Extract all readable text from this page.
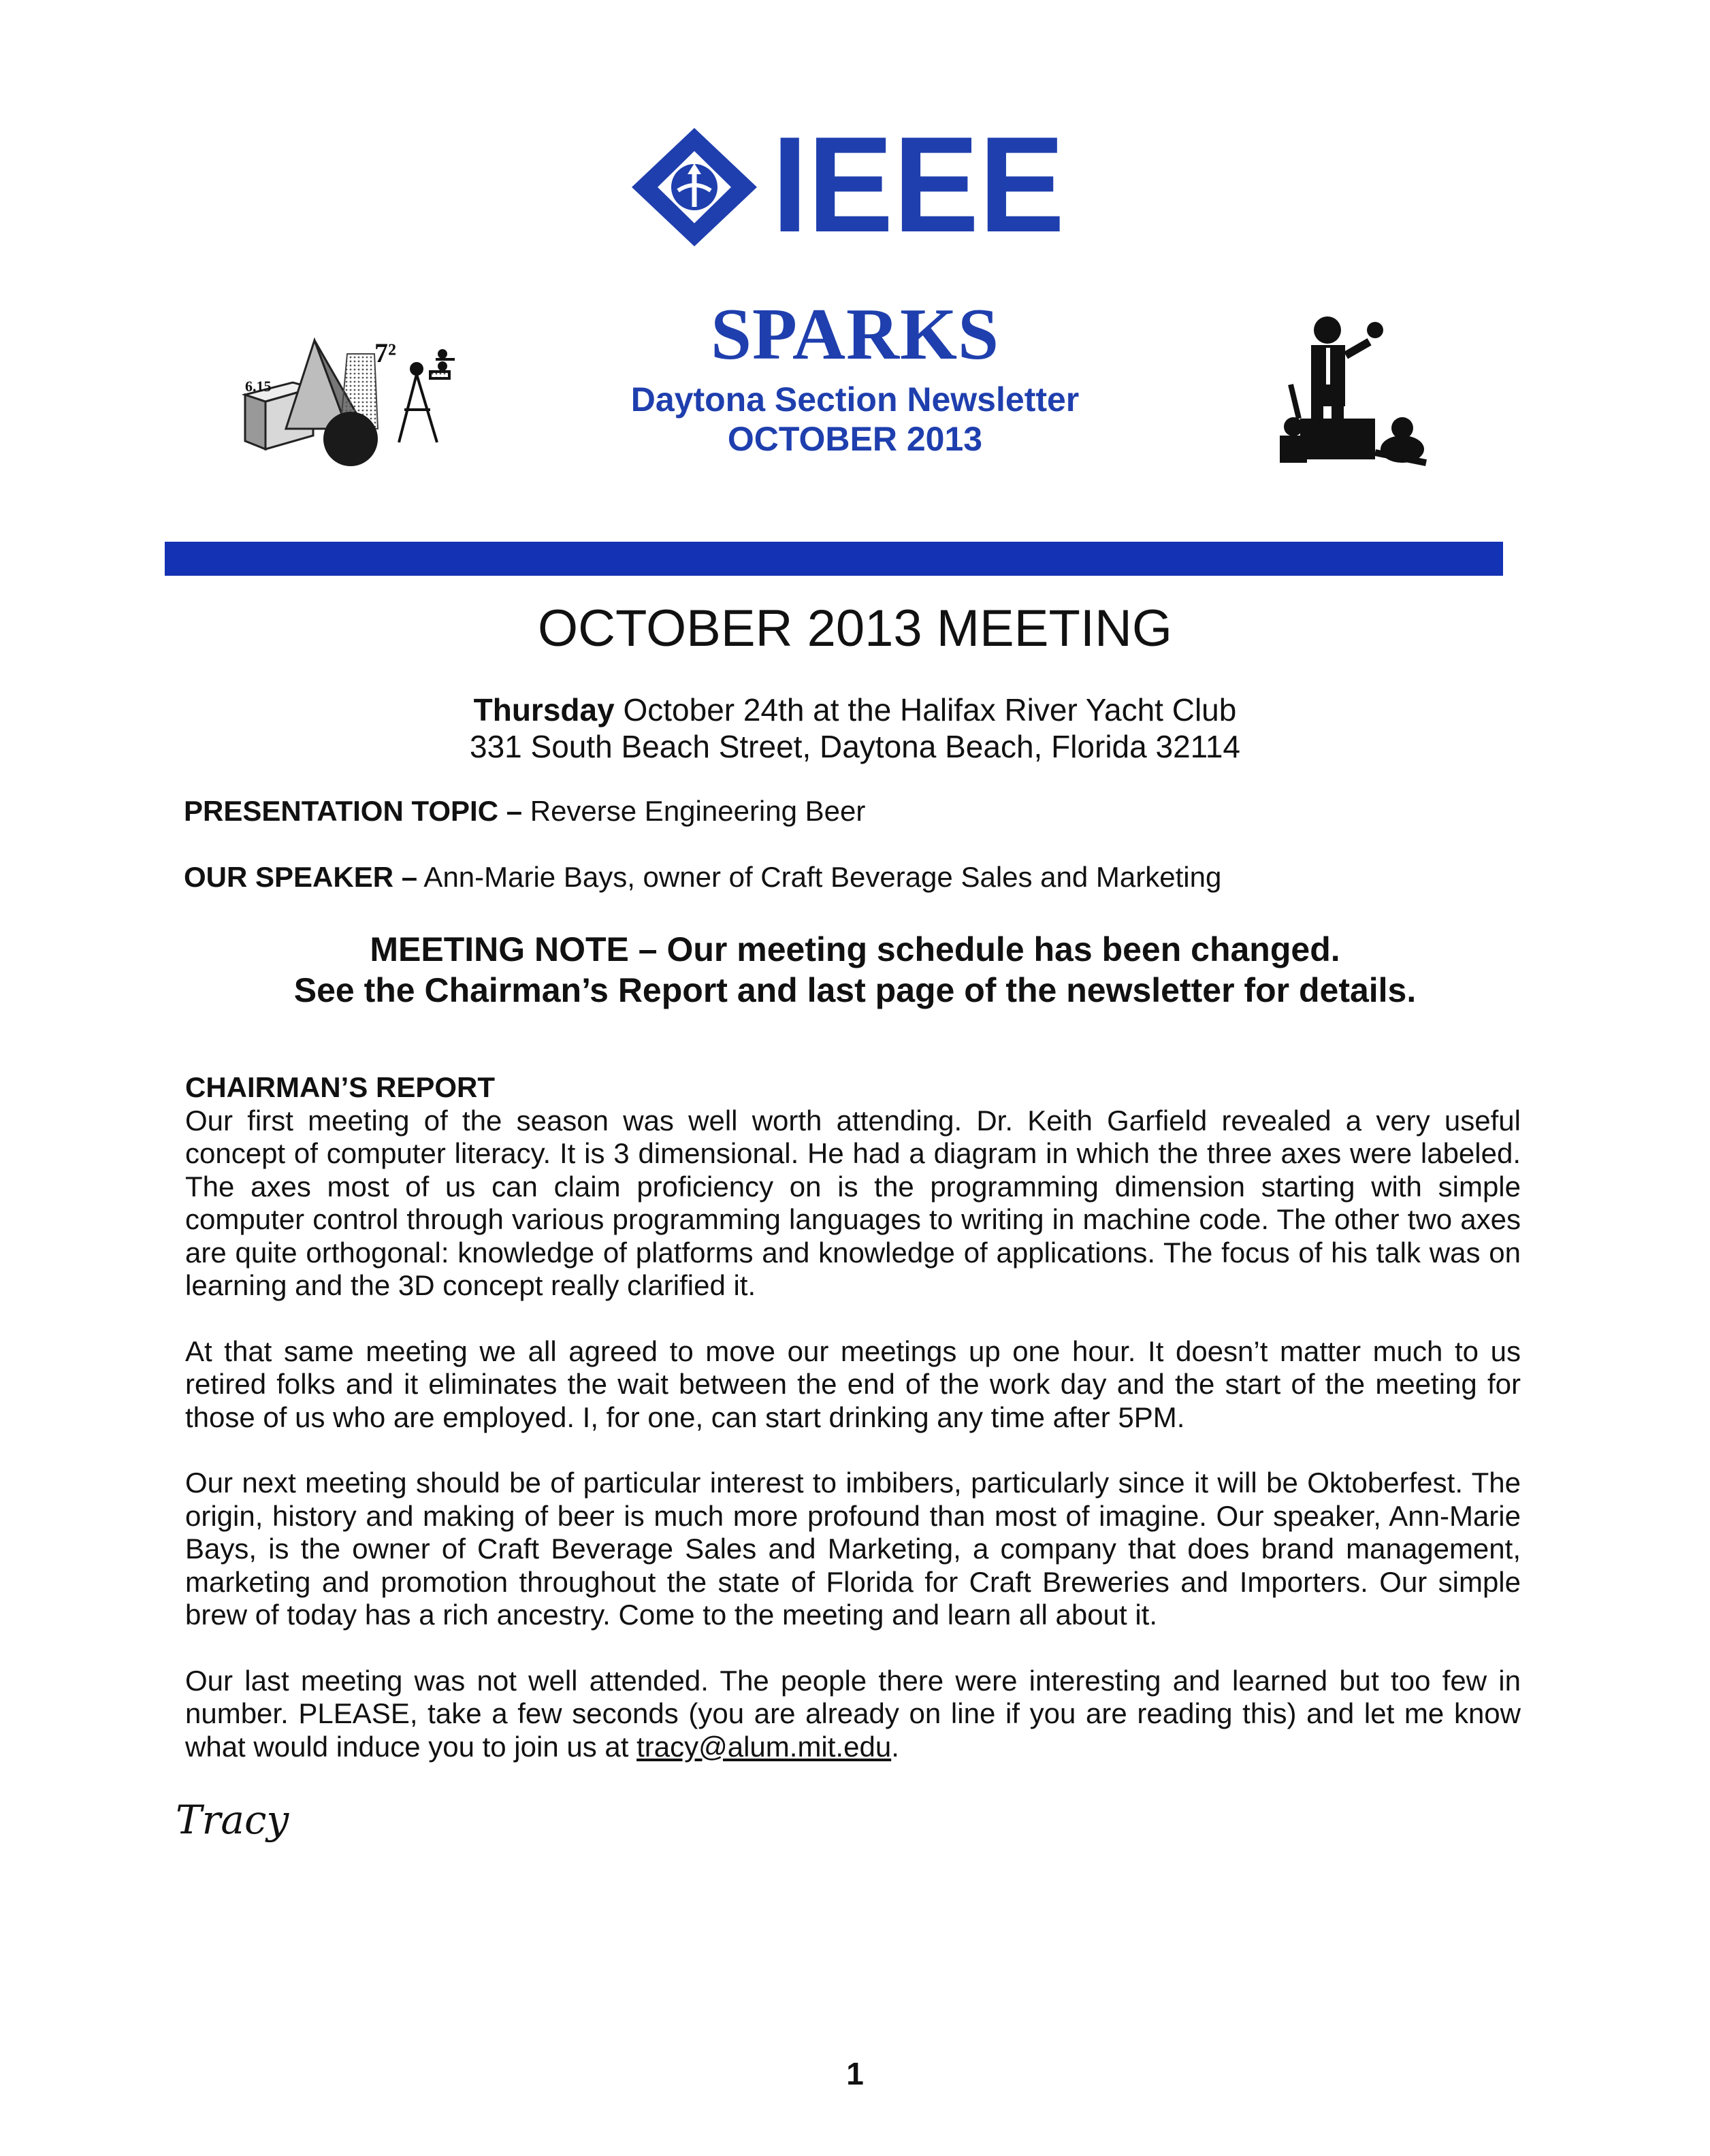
IEEE
7²
6.15
SPARKS
Daytona Section Newsletter
OCTOBER 2013
OCTOBER 2013 MEETING
Thursday October 24th at the Halifax River Yacht Club
331 South Beach Street, Daytona Beach, Florida 32114
PRESENTATION TOPIC – Reverse Engineering Beer
OUR SPEAKER – Ann-Marie Bays, owner of Craft Beverage Sales and Marketing
MEETING NOTE – Our meeting schedule has been changed.
See the Chairman’s Report and last page of the newsletter for details.
CHAIRMAN’S REPORT

Our first meeting of the season was well worth attending. Dr. Keith Garfield revealed a very useful concept of computer literacy. It is 3 dimensional. He had a diagram in which the three axes were labeled. The axes most of us can claim proficiency on is the programming dimension starting with simple computer control through various programming languages to writing in machine code. The other two axes are quite orthogonal: knowledge of platforms and knowledge of applications. The focus of his talk was on learning and the 3D concept really clarified it.

At that same meeting we all agreed to move our meetings up one hour. It doesn’t matter much to us retired folks and it eliminates the wait between the end of the work day and the start of the meeting for those of us who are employed. I, for one, can start drinking any time after 5PM.

Our next meeting should be of particular interest to imbibers, particularly since it will be Oktoberfest. The origin, history and making of beer is much more profound than most of imagine. Our speaker, Ann-Marie Bays, is the owner of Craft Beverage Sales and Marketing, a company that does brand management, marketing and promotion throughout the state of Florida for Craft Breweries and Importers. Our simple brew of today has a rich ancestry. Come to the meeting and learn all about it.

Our last meeting was not well attended. The people there were interesting and learned but too few in number. PLEASE, take a few seconds (you are already on line if you are reading this) and let me know what would induce you to join us at tracy@alum.mit.edu.

Tracy
1
